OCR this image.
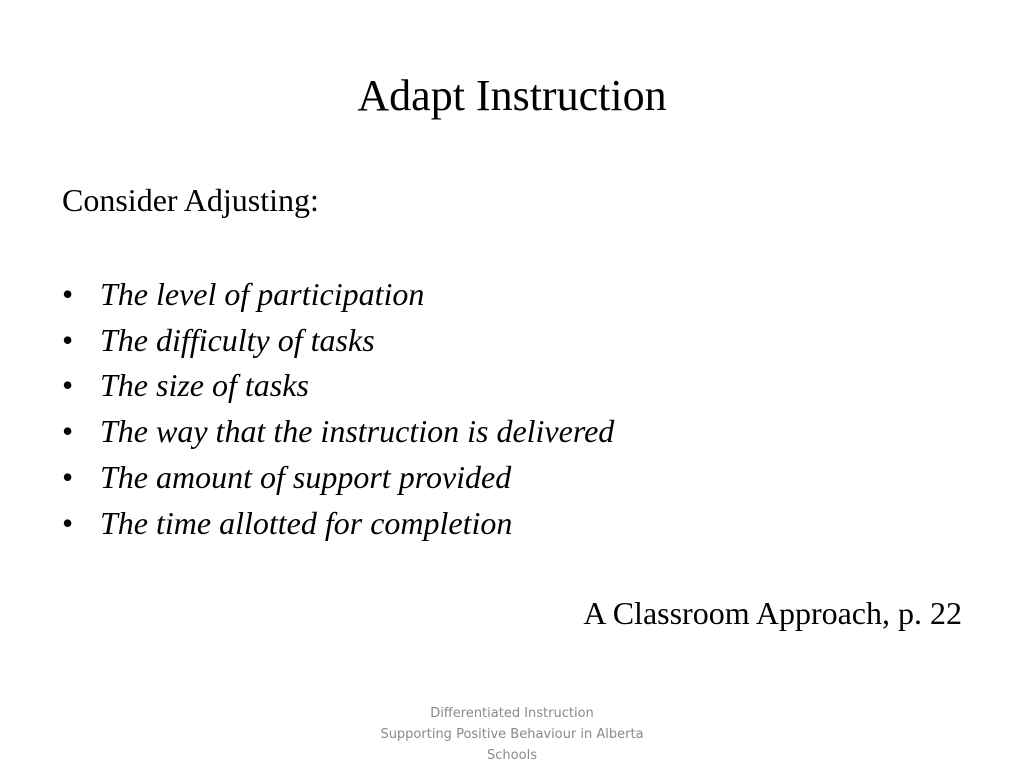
Adapt Instruction
Consider Adjusting:
• The level of participation
• The difficulty of tasks
• The size of tasks
• The way that the instruction is delivered
• The amount of support provided
• The time allotted for completion
A Classroom Approach, p. 22
Differentiated Instruction
Supporting Positive Behaviour in Alberta
Schools
